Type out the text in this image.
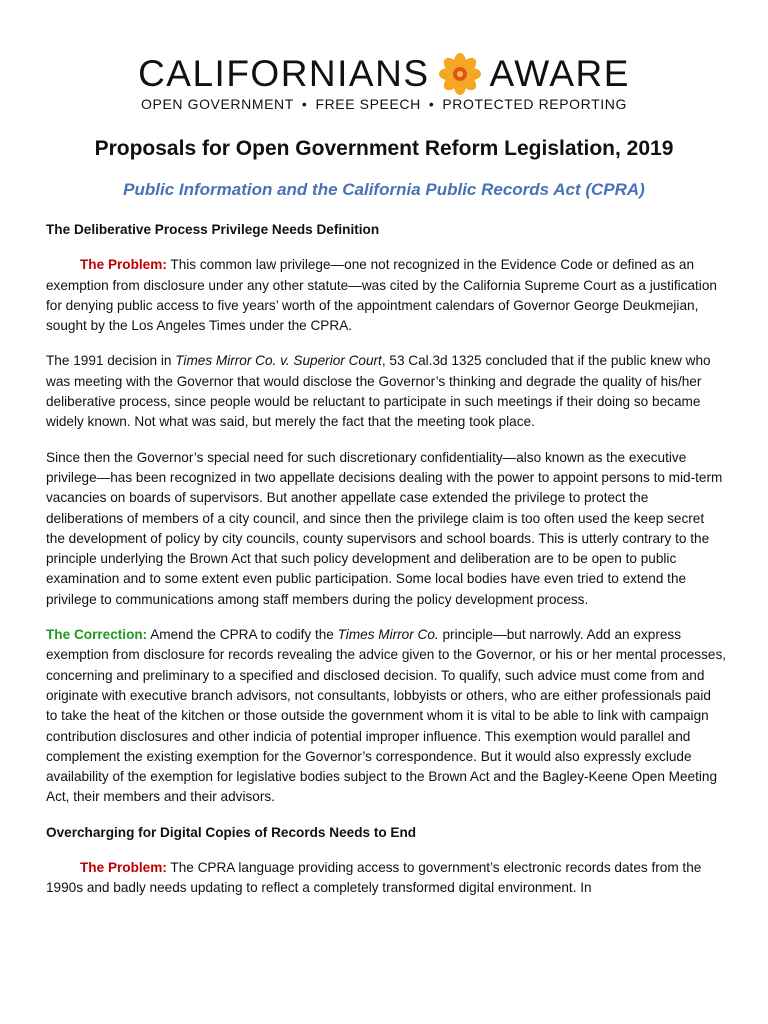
CALIFORNIANS AWARE
OPEN GOVERNMENT • FREE SPEECH • PROTECTED REPORTING
Proposals for Open Government Reform Legislation, 2019
Public Information and the California Public Records Act (CPRA)

The Deliberative Process Privilege Needs Definition

The Problem: This common law privilege—one not recognized in the Evidence Code or defined as an exemption from disclosure under any other statute—was cited by the California Supreme Court as a justification for denying public access to five years’ worth of the appointment calendars of Governor George Deukmejian, sought by the Los Angeles Times under the CPRA.

The 1991 decision in Times Mirror Co. v. Superior Court, 53 Cal.3d 1325 concluded that if the public knew who was meeting with the Governor that would disclose the Governor’s thinking and degrade the quality of his/her deliberative process, since people would be reluctant to participate in such meetings if their doing so became widely known. Not what was said, but merely the fact that the meeting took place.

Since then the Governor’s special need for such discretionary confidentiality—also known as the executive privilege—has been recognized in two appellate decisions dealing with the power to appoint persons to mid-term vacancies on boards of supervisors. But another appellate case extended the privilege to protect the deliberations of members of a city council, and since then the privilege claim is too often used the keep secret the development of policy by city councils, county supervisors and school boards. This is utterly contrary to the principle underlying the Brown Act that such policy development and deliberation are to be open to public examination and to some extent even public participation. Some local bodies have even tried to extend the privilege to communications among staff members during the policy development process.

The Correction: Amend the CPRA to codify the Times Mirror Co. principle—but narrowly. Add an express exemption from disclosure for records revealing the advice given to the Governor, or his or her mental processes, concerning and preliminary to a specified and disclosed decision. To qualify, such advice must come from and originate with executive branch advisors, not consultants, lobbyists or others, who are either professionals paid to take the heat of the kitchen or those outside the government whom it is vital to be able to link with campaign contribution disclosures and other indicia of potential improper influence. This exemption would parallel and complement the existing exemption for the Governor’s correspondence. But it would also expressly exclude availability of the exemption for legislative bodies subject to the Brown Act and the Bagley-Keene Open Meeting Act, their members and their advisors.

Overcharging for Digital Copies of Records Needs to End

The Problem: The CPRA language providing access to government’s electronic records dates from the 1990s and badly needs updating to reflect a completely transformed digital environment. In
